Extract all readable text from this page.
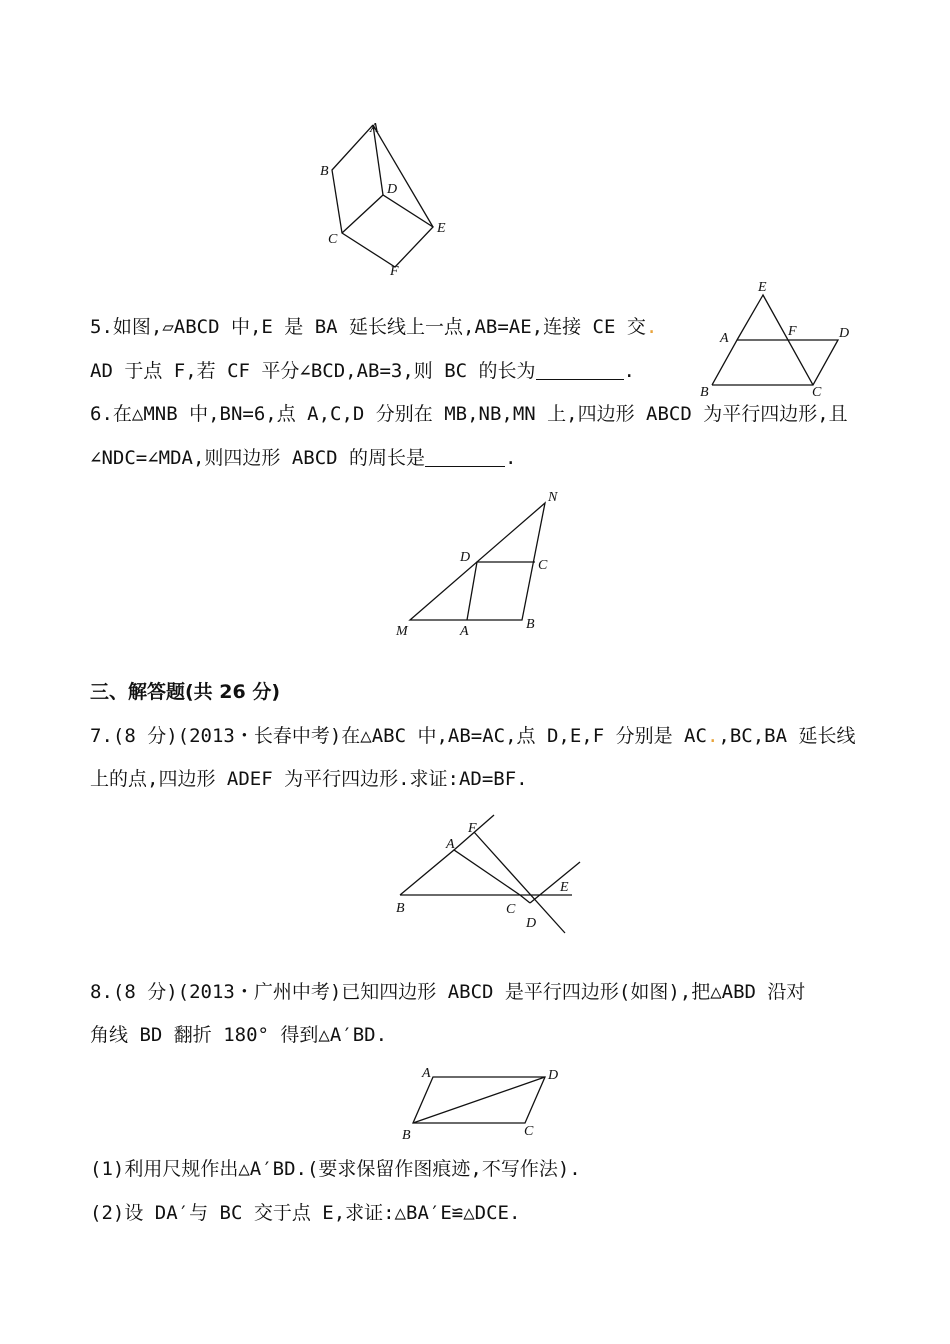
A
B
C
D
E
F
5.如图,▱ABCD 中,E 是 BA 延长线上一点,AB=AE,连接 CE 交.
AD 于点 F,若 CF 平分∠BCD,AB=3,则 BC 的长为	.
E
A	F	D
B	C
6.在△MNB 中,BN=6,点 A,C,D 分别在 MB,NB,MN 上,四边形 ABCD 为平行四边形,且
∠NDC=∠MDA,则四边形 ABCD 的周长是	.
N
D
C
M	A	B
三、解答题(共 26 分)
7.(8 分)(2013・长春中考)在△ABC 中,AB=AC,点 D,E,F 分别是 AC.,BC,BA 延长线
上的点,四边形 ADEF 为平行四边形.求证:AD=BF.
F
A
E
B	C
D
8.(8 分)(2013・广州中考)已知四边形 ABCD 是平行四边形(如图),把△ABD 沿对
角线 BD 翻折 180° 得到△A′BD.
A	D
B	C
(1)利用尺规作出△A′BD.(要求保留作图痕迹,不写作法).
(2)设 DA′与 BC 交于点 E,求证:△BA′E≌△DCE.
